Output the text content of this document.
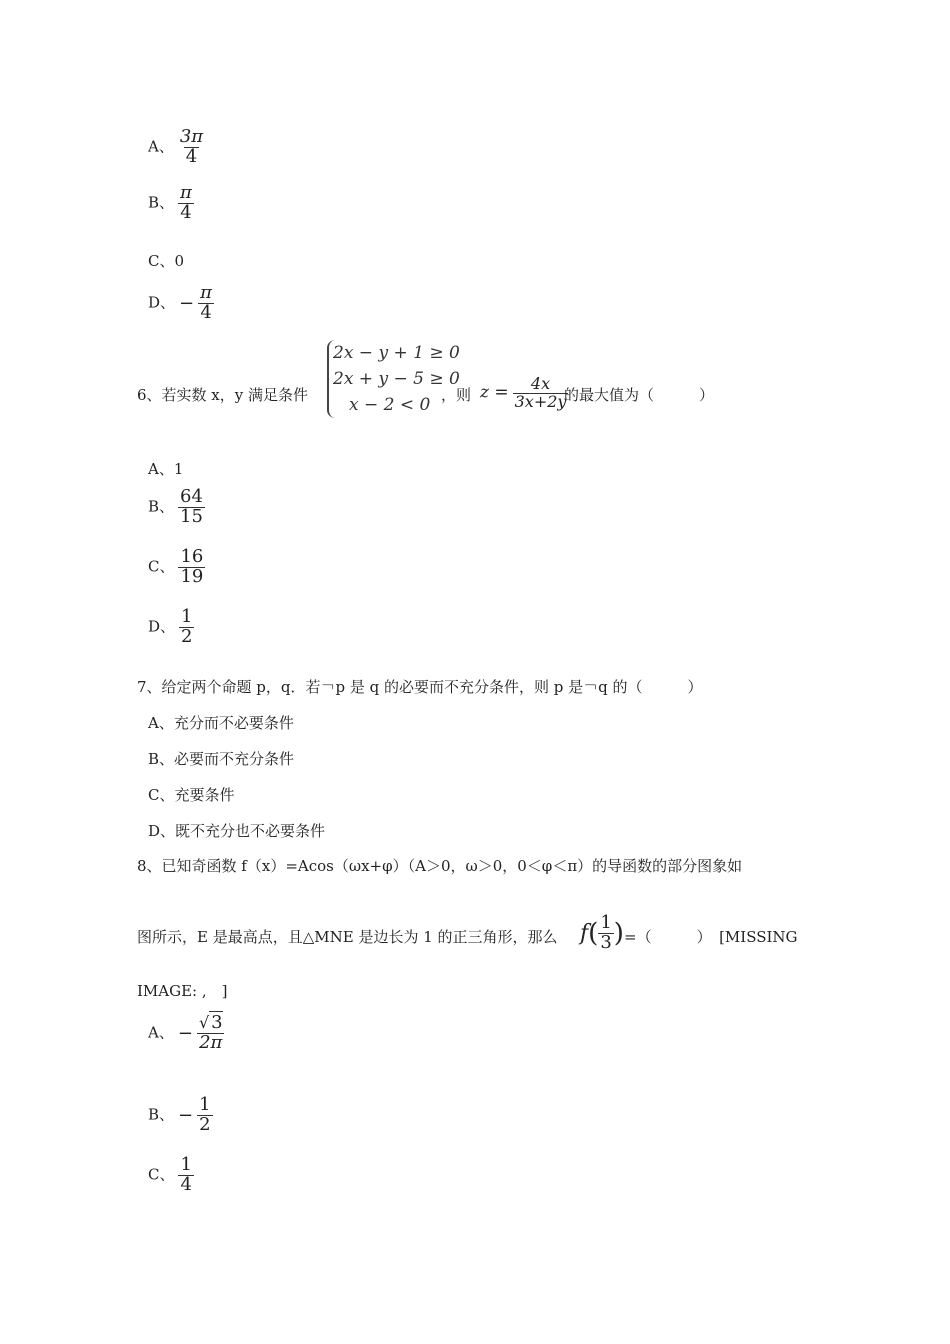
A、 $\frac{3\pi}{4}$
B、 $\frac{\pi}{4}$
C、0
D、 − $\frac{\pi}{4}$
6、若实数 x，y 满足条件
2x − y + 1 ≥ 0
2x + y − 5 ≥ 0
x − 2 < 0 ，则 $z = \frac{4x}{3x+2y}$
的最大值为（　　　）
A、1
B、 $\frac{64}{15}$
C、 $\frac{16}{19}$
D、 $\frac{1}{2}$
7、给定两个命题 p，q．若￢p 是 q 的必要而不充分条件，则 p 是￢q 的（　　　）
A、充分而不必要条件
B、必要而不充分条件
C、充要条件
D、既不充分也不必要条件
8、已知奇函数 f（x）=Acos（ωx+φ）（A＞0，ω＞0，0＜φ＜π）的导函数的部分图象如
图所示，E 是最高点，且△MNE 是边长为 1 的正三角形，那么 $f( \frac{1}{3}$ ) =（　　　）　[MISSING
IMAGE: ,　]
A、 − $\frac{√ 3}{2\pi}$
B、 − $\frac{1}{2}$
C、 $\frac{1}{4}$
